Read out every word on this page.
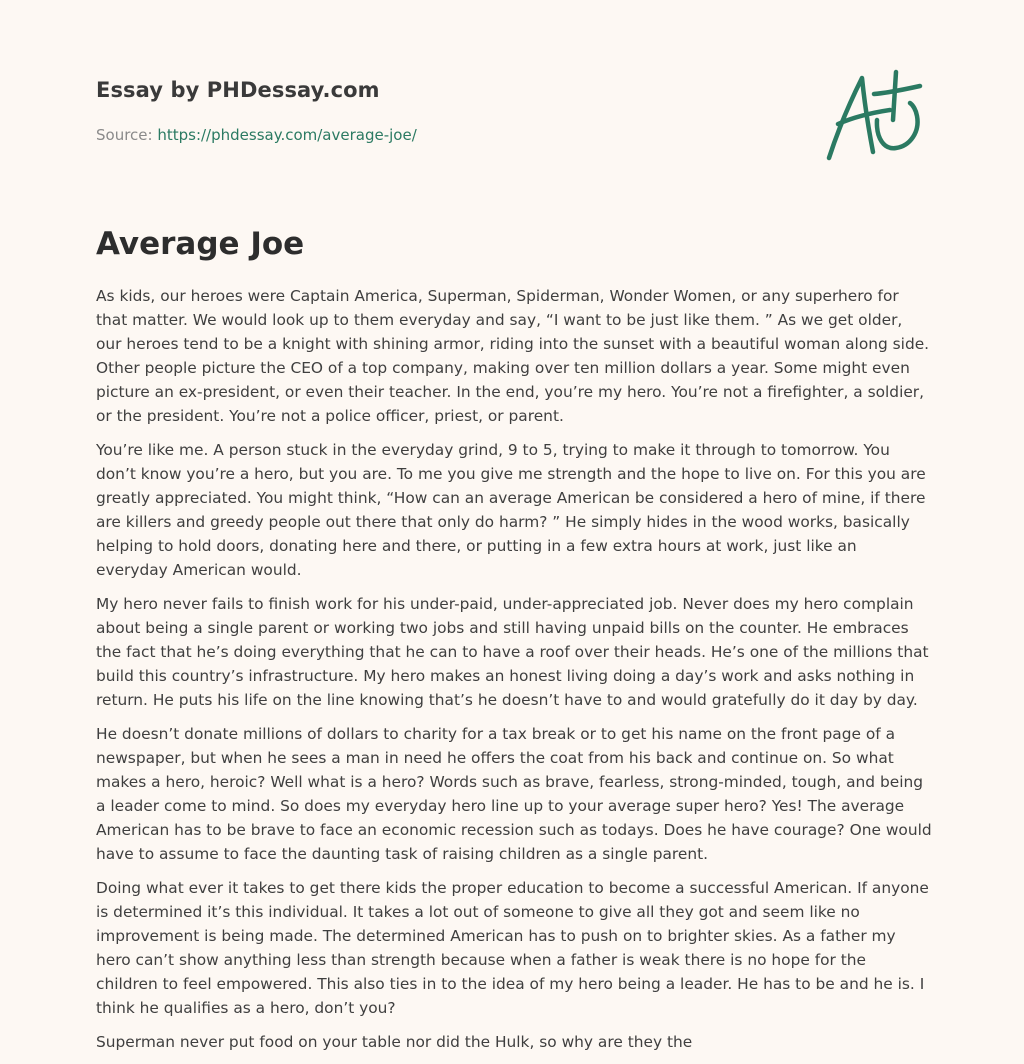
Essay by PHDessay.com
Source: https://phdessay.com/average-joe/
Average Joe

As kids, our heroes were Captain America, Superman, Spiderman, Wonder Women, or any superhero for that matter. We would look up to them everyday and say, “I want to be just like them. ” As we get older, our heroes tend to be a knight with shining armor, riding into the sunset with a beautiful woman along side. Other people picture the CEO of a top company, making over ten million dollars a year. Some might even picture an ex-president, or even their teacher. In the end, you’re my hero. You’re not a firefighter, a soldier, or the president. You’re not a police officer, priest, or parent.

You’re like me. A person stuck in the everyday grind, 9 to 5, trying to make it through to tomorrow. You don’t know you’re a hero, but you are. To me you give me strength and the hope to live on. For this you are greatly appreciated. You might think, “How can an average American be considered a hero of mine, if there are killers and greedy people out there that only do harm? ” He simply hides in the wood works, basically helping to hold doors, donating here and there, or putting in a few extra hours at work, just like an everyday American would.

My hero never fails to finish work for his under-paid, under-appreciated job. Never does my hero complain about being a single parent or working two jobs and still having unpaid bills on the counter. He embraces the fact that he’s doing everything that he can to have a roof over their heads. He’s one of the millions that build this country’s infrastructure. My hero makes an honest living doing a day’s work and asks nothing in return. He puts his life on the line knowing that’s he doesn’t have to and would gratefully do it day by day.

He doesn’t donate millions of dollars to charity for a tax break or to get his name on the front page of a newspaper, but when he sees a man in need he offers the coat from his back and continue on. So what makes a hero, heroic? Well what is a hero? Words such as brave, fearless, strong-minded, tough, and being a leader come to mind. So does my everyday hero line up to your average super hero? Yes! The average American has to be brave to face an economic recession such as todays. Does he have courage? One would have to assume to face the daunting task of raising children as a single parent.

Doing what ever it takes to get there kids the proper education to become a successful American. If anyone is determined it’s this individual. It takes a lot out of someone to give all they got and seem like no improvement is being made. The determined American has to push on to brighter skies. As a father my hero can’t show anything less than strength because when a father is weak there is no hope for the children to feel empowered. This also ties in to the idea of my hero being a leader. He has to be and he is. I think he qualifies as a hero, don’t you?

Superman never put food on your table nor did the Hulk, so why are they the
